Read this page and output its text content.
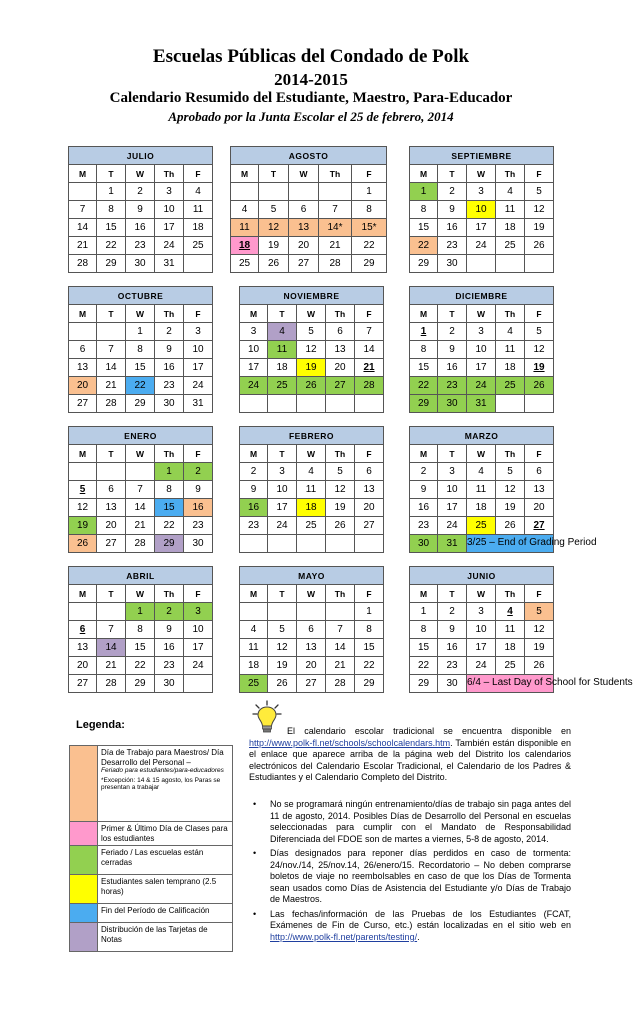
Escuelas Públicas del Condado de Polk
2014-2015
Calendario Resumido del Estudiante, Maestro, Para-Educador
Aprobado por la Junta Escolar el 25 de febrero, 2014
JULIO				
M	T	W	Th	F
	1	2	3	4
7	8	9	10	11
14	15	16	17	18
21	22	23	24	25
28	29	30	31	
AGOSTO				
M	T	W	Th	F
				1
4	5	6	7	8
11	12	13	14*	15*
18	19	20	21	22
25	26	27	28	29
SEPTIEMBRE				
M	T	W	Th	F
1	2	3	4	5
8	9	10	11	12
15	16	17	18	19
22	23	24	25	26
29	30			
OCTUBRE				
M	T	W	Th	F
		1	2	3
6	7	8	9	10
13	14	15	16	17
20	21	22	23	24
27	28	29	30	31
NOVIEMBRE				
M	T	W	Th	F
3	4	5	6	7
10	11	12	13	14
17	18	19	20	21
24	25	26	27	28

DICIEMBRE				
M	T	W	Th	F
1	2	3	4	5
8	9	10	11	12
15	16	17	18	19
22	23	24	25	26
29	30	31		
ENERO				
M	T	W	Th	F
			1	2
5	6	7	8	9
12	13	14	15	16
19	20	21	22	23
26	27	28	29	30
FEBRERO				
M	T	W	Th	F
2	3	4	5	6
9	10	11	12	13
16	17	18	19	20
23	24	25	26	27

MARZO				
M	T	W	Th	F
2	3	4	5	6
9	10	11	12	13
16	17	18	19	20
23	24	25	26	27
30	31	3/25 – End of Grading Period		
ABRIL				
M	T	W	Th	F
		1	2	3
6	7	8	9	10
13	14	15	16	17
20	21	22	23	24
27	28	29	30	
MAYO				
M	T	W	Th	F
				1
4	5	6	7	8
11	12	13	14	15
18	19	20	21	22
25	26	27	28	29
JUNIO				
M	T	W	Th	F
1	2	3	4	5
8	9	10	11	12
15	16	17	18	19
22	23	24	25	26
29	30	6/4 – Last Day of School for Students		
Legenda:
Día de Trabajo para Maestros/ Día Desarrollo del Personal –
Feriado para estudiantes/para-educadores
*Excepción: 14 & 15 agosto, los Paras se presentan a trabajar
Primer & Último Día de Clases para los estudiantes
Feriado / Las escuelas están cerradas
Estudiantes salen temprano (2.5 horas)
Fin del Período de Calificación
Distribución de las Tarjetas de Notas
El calendario escolar tradicional se encuentra disponible en http://www.polk-fl.net/schools/schoolcalendars.htm. También están disponible en el enlace que aparece arriba de la página web del Distrito los calendarios electrónicos del Calendario Escolar Tradicional, el Calendario de los Padres & Estudiantes y el Calendario Completo del Distrito.
• No se programará ningún entrenamiento/días de trabajo sin paga antes del 11 de agosto, 2014. Posibles Días de Desarrollo del Personal en escuelas seleccionadas para cumplir con el Mandato de Responsabilidad Diferenciada del FDOE son de martes a viernes, 5-8 de agosto, 2014.
• Días designados para reponer días perdidos en caso de tormenta: 24/nov./14, 25/nov.14, 26/enero/15. Recordatorio – No deben comprarse boletos de viaje no reembolsables en caso de que los Días de Tormenta sean usados como Días de Asistencia del Estudiante y/o Días de Trabajo de Maestros.
• Las fechas/información de las Pruebas de los Estudiantes (FCAT, Exámenes de Fin de Curso, etc.) están localizadas en el sitio web en http://www.polk-fl.net/parents/testing/.
